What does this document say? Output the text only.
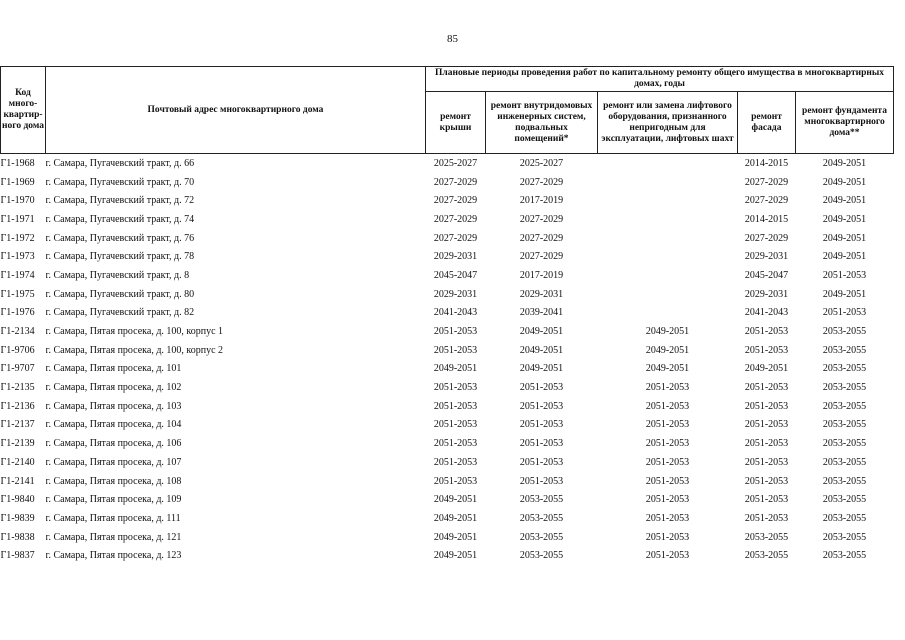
85
Код много-квартир-ного дома	Почтовый адрес многоквартирного дома	Плановые периоды проведения работ по капитальному ремонту общего имущества в многоквартирных домах, годы				
		ремонт крыши	ремонт внутридомовых инженерных систем, подвальных помещений*	ремонт или замена лифтового оборудования, признанного непригодным для эксплуатации, лифтовых шахт	ремонт фасада	ремонт фундамента многоквартирного дома**
Г1-1968	г. Самара, Пугачевский тракт, д. 66	2025-2027	2025-2027		2014-2015	2049-2051
Г1-1969	г. Самара, Пугачевский тракт, д. 70	2027-2029	2027-2029		2027-2029	2049-2051
Г1-1970	г. Самара, Пугачевский тракт, д. 72	2027-2029	2017-2019		2027-2029	2049-2051
Г1-1971	г. Самара, Пугачевский тракт, д. 74	2027-2029	2027-2029		2014-2015	2049-2051
Г1-1972	г. Самара, Пугачевский тракт, д. 76	2027-2029	2027-2029		2027-2029	2049-2051
Г1-1973	г. Самара, Пугачевский тракт, д. 78	2029-2031	2027-2029		2029-2031	2049-2051
Г1-1974	г. Самара, Пугачевский тракт, д. 8	2045-2047	2017-2019		2045-2047	2051-2053
Г1-1975	г. Самара, Пугачевский тракт, д. 80	2029-2031	2029-2031		2029-2031	2049-2051
Г1-1976	г. Самара, Пугачевский тракт, д. 82	2041-2043	2039-2041		2041-2043	2051-2053
Г1-2134	г. Самара, Пятая просека, д. 100, корпус 1	2051-2053	2049-2051	2049-2051	2051-2053	2053-2055
Г1-9706	г. Самара, Пятая просека, д. 100, корпус 2	2051-2053	2049-2051	2049-2051	2051-2053	2053-2055
Г1-9707	г. Самара, Пятая просека, д. 101	2049-2051	2049-2051	2049-2051	2049-2051	2053-2055
Г1-2135	г. Самара, Пятая просека, д. 102	2051-2053	2051-2053	2051-2053	2051-2053	2053-2055
Г1-2136	г. Самара, Пятая просека, д. 103	2051-2053	2051-2053	2051-2053	2051-2053	2053-2055
Г1-2137	г. Самара, Пятая просека, д. 104	2051-2053	2051-2053	2051-2053	2051-2053	2053-2055
Г1-2139	г. Самара, Пятая просека, д. 106	2051-2053	2051-2053	2051-2053	2051-2053	2053-2055
Г1-2140	г. Самара, Пятая просека, д. 107	2051-2053	2051-2053	2051-2053	2051-2053	2053-2055
Г1-2141	г. Самара, Пятая просека, д. 108	2051-2053	2051-2053	2051-2053	2051-2053	2053-2055
Г1-9840	г. Самара, Пятая просека, д. 109	2049-2051	2053-2055	2051-2053	2051-2053	2053-2055
Г1-9839	г. Самара, Пятая просека, д. 111	2049-2051	2053-2055	2051-2053	2051-2053	2053-2055
Г1-9838	г. Самара, Пятая просека, д. 121	2049-2051	2053-2055	2051-2053	2053-2055	2053-2055
Г1-9837	г. Самара, Пятая просека, д. 123	2049-2051	2053-2055	2051-2053	2053-2055	2053-2055
